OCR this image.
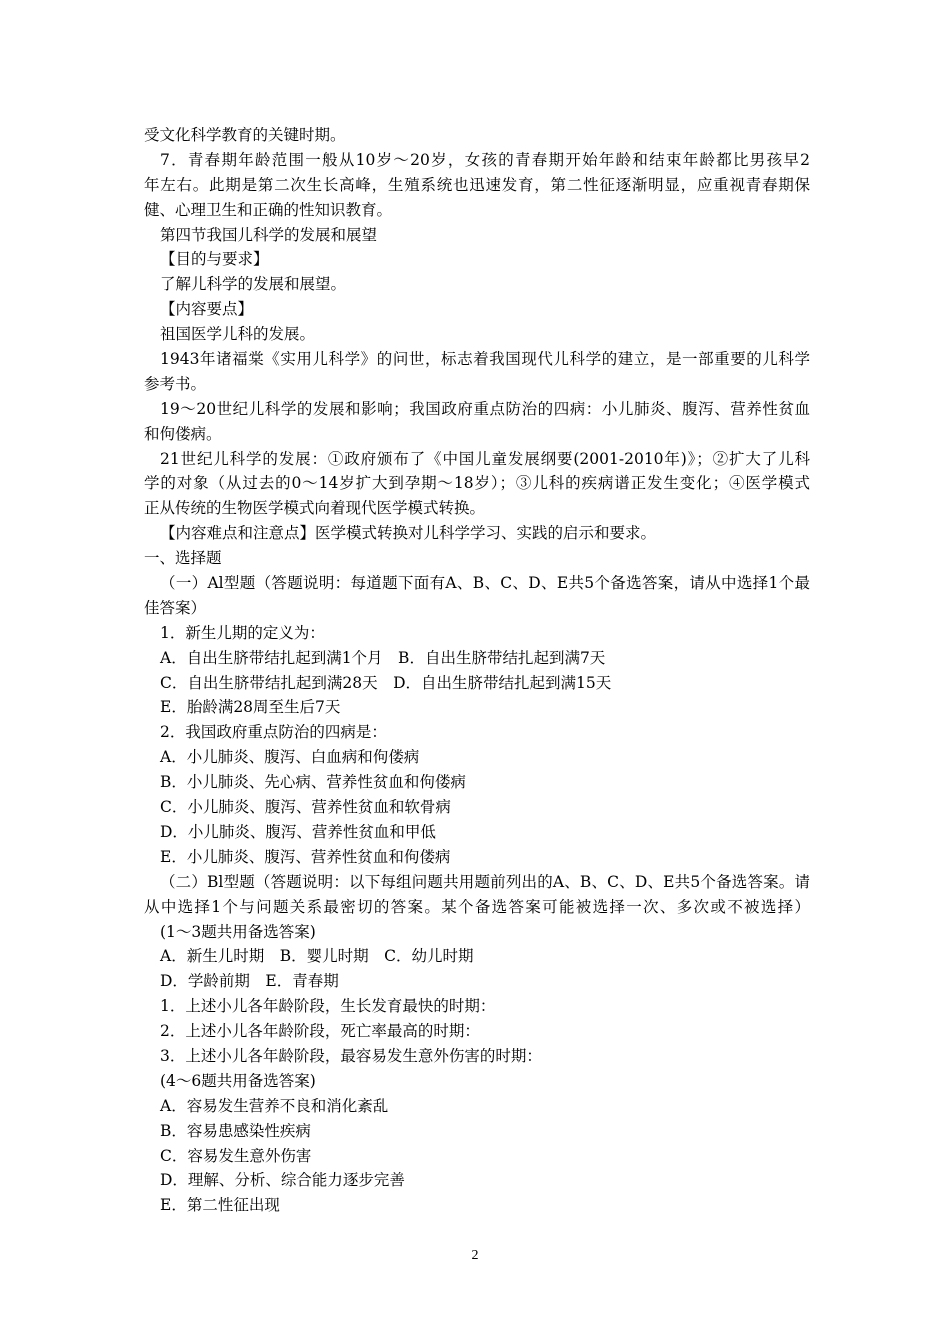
受文化科学教育的关键时期。
7．青春期年龄范围一般从10岁～20岁，女孩的青春期开始年龄和结束年龄都比男孩早2
年左右。此期是第二次生长高峰，生殖系统也迅速发育，第二性征逐渐明显，应重视青春期保
健、心理卫生和正确的性知识教育。
第四节我国儿科学的发展和展望
【目的与要求】
了解儿科学的发展和展望。
【内容要点】
祖国医学儿科的发展。
1943年诸福棠《实用儿科学》的问世，标志着我国现代儿科学的建立，是一部重要的儿科学
参考书。
19～20世纪儿科学的发展和影响；我国政府重点防治的四病：小儿肺炎、腹泻、营养性贫血
和佝偻病。
21世纪儿科学的发展：①政府颁布了《中国儿童发展纲要(2001-2010年)》；②扩大了儿科
学的对象（从过去的0～14岁扩大到孕期～18岁）；③儿科的疾病谱正发生变化；④医学模式
正从传统的生物医学模式向着现代医学模式转换。
【内容难点和注意点】医学模式转换对儿科学学习、实践的启示和要求。
一、选择题
（一）Al型题（答题说明：每道题下面有A、B、C、D、E共5个备选答案，请从中选择1个最
佳答案）
1．新生儿期的定义为：
A．自出生脐带结扎起到满1个月　B．自出生脐带结扎起到满7天
C．自出生脐带结扎起到满28天　D．自出生脐带结扎起到满15天
E．胎龄满28周至生后7天
2．我国政府重点防治的四病是：
A．小儿肺炎、腹泻、白血病和佝偻病
B．小儿肺炎、先心病、营养性贫血和佝偻病
C．小儿肺炎、腹泻、营养性贫血和软骨病
D．小儿肺炎、腹泻、营养性贫血和甲低
E．小儿肺炎、腹泻、营养性贫血和佝偻病
（二）Bl型题（答题说明：以下每组问题共用题前列出的A、B、C、D、E共5个备选答案。请
从中选择1个与问题关系最密切的答案。某个备选答案可能被选择一次、多次或不被选择）
(1～3题共用备选答案)
A．新生儿时期　B．婴儿时期　C．幼儿时期
D．学龄前期　E．青春期
1．上述小儿各年龄阶段，生长发育最快的时期：
2．上述小儿各年龄阶段，死亡率最高的时期：
3．上述小儿各年龄阶段，最容易发生意外伤害的时期：
(4～6题共用备选答案)
A．容易发生营养不良和消化紊乱
B．容易患感染性疾病
C．容易发生意外伤害
D．理解、分析、综合能力逐步完善
E．第二性征出现
2
